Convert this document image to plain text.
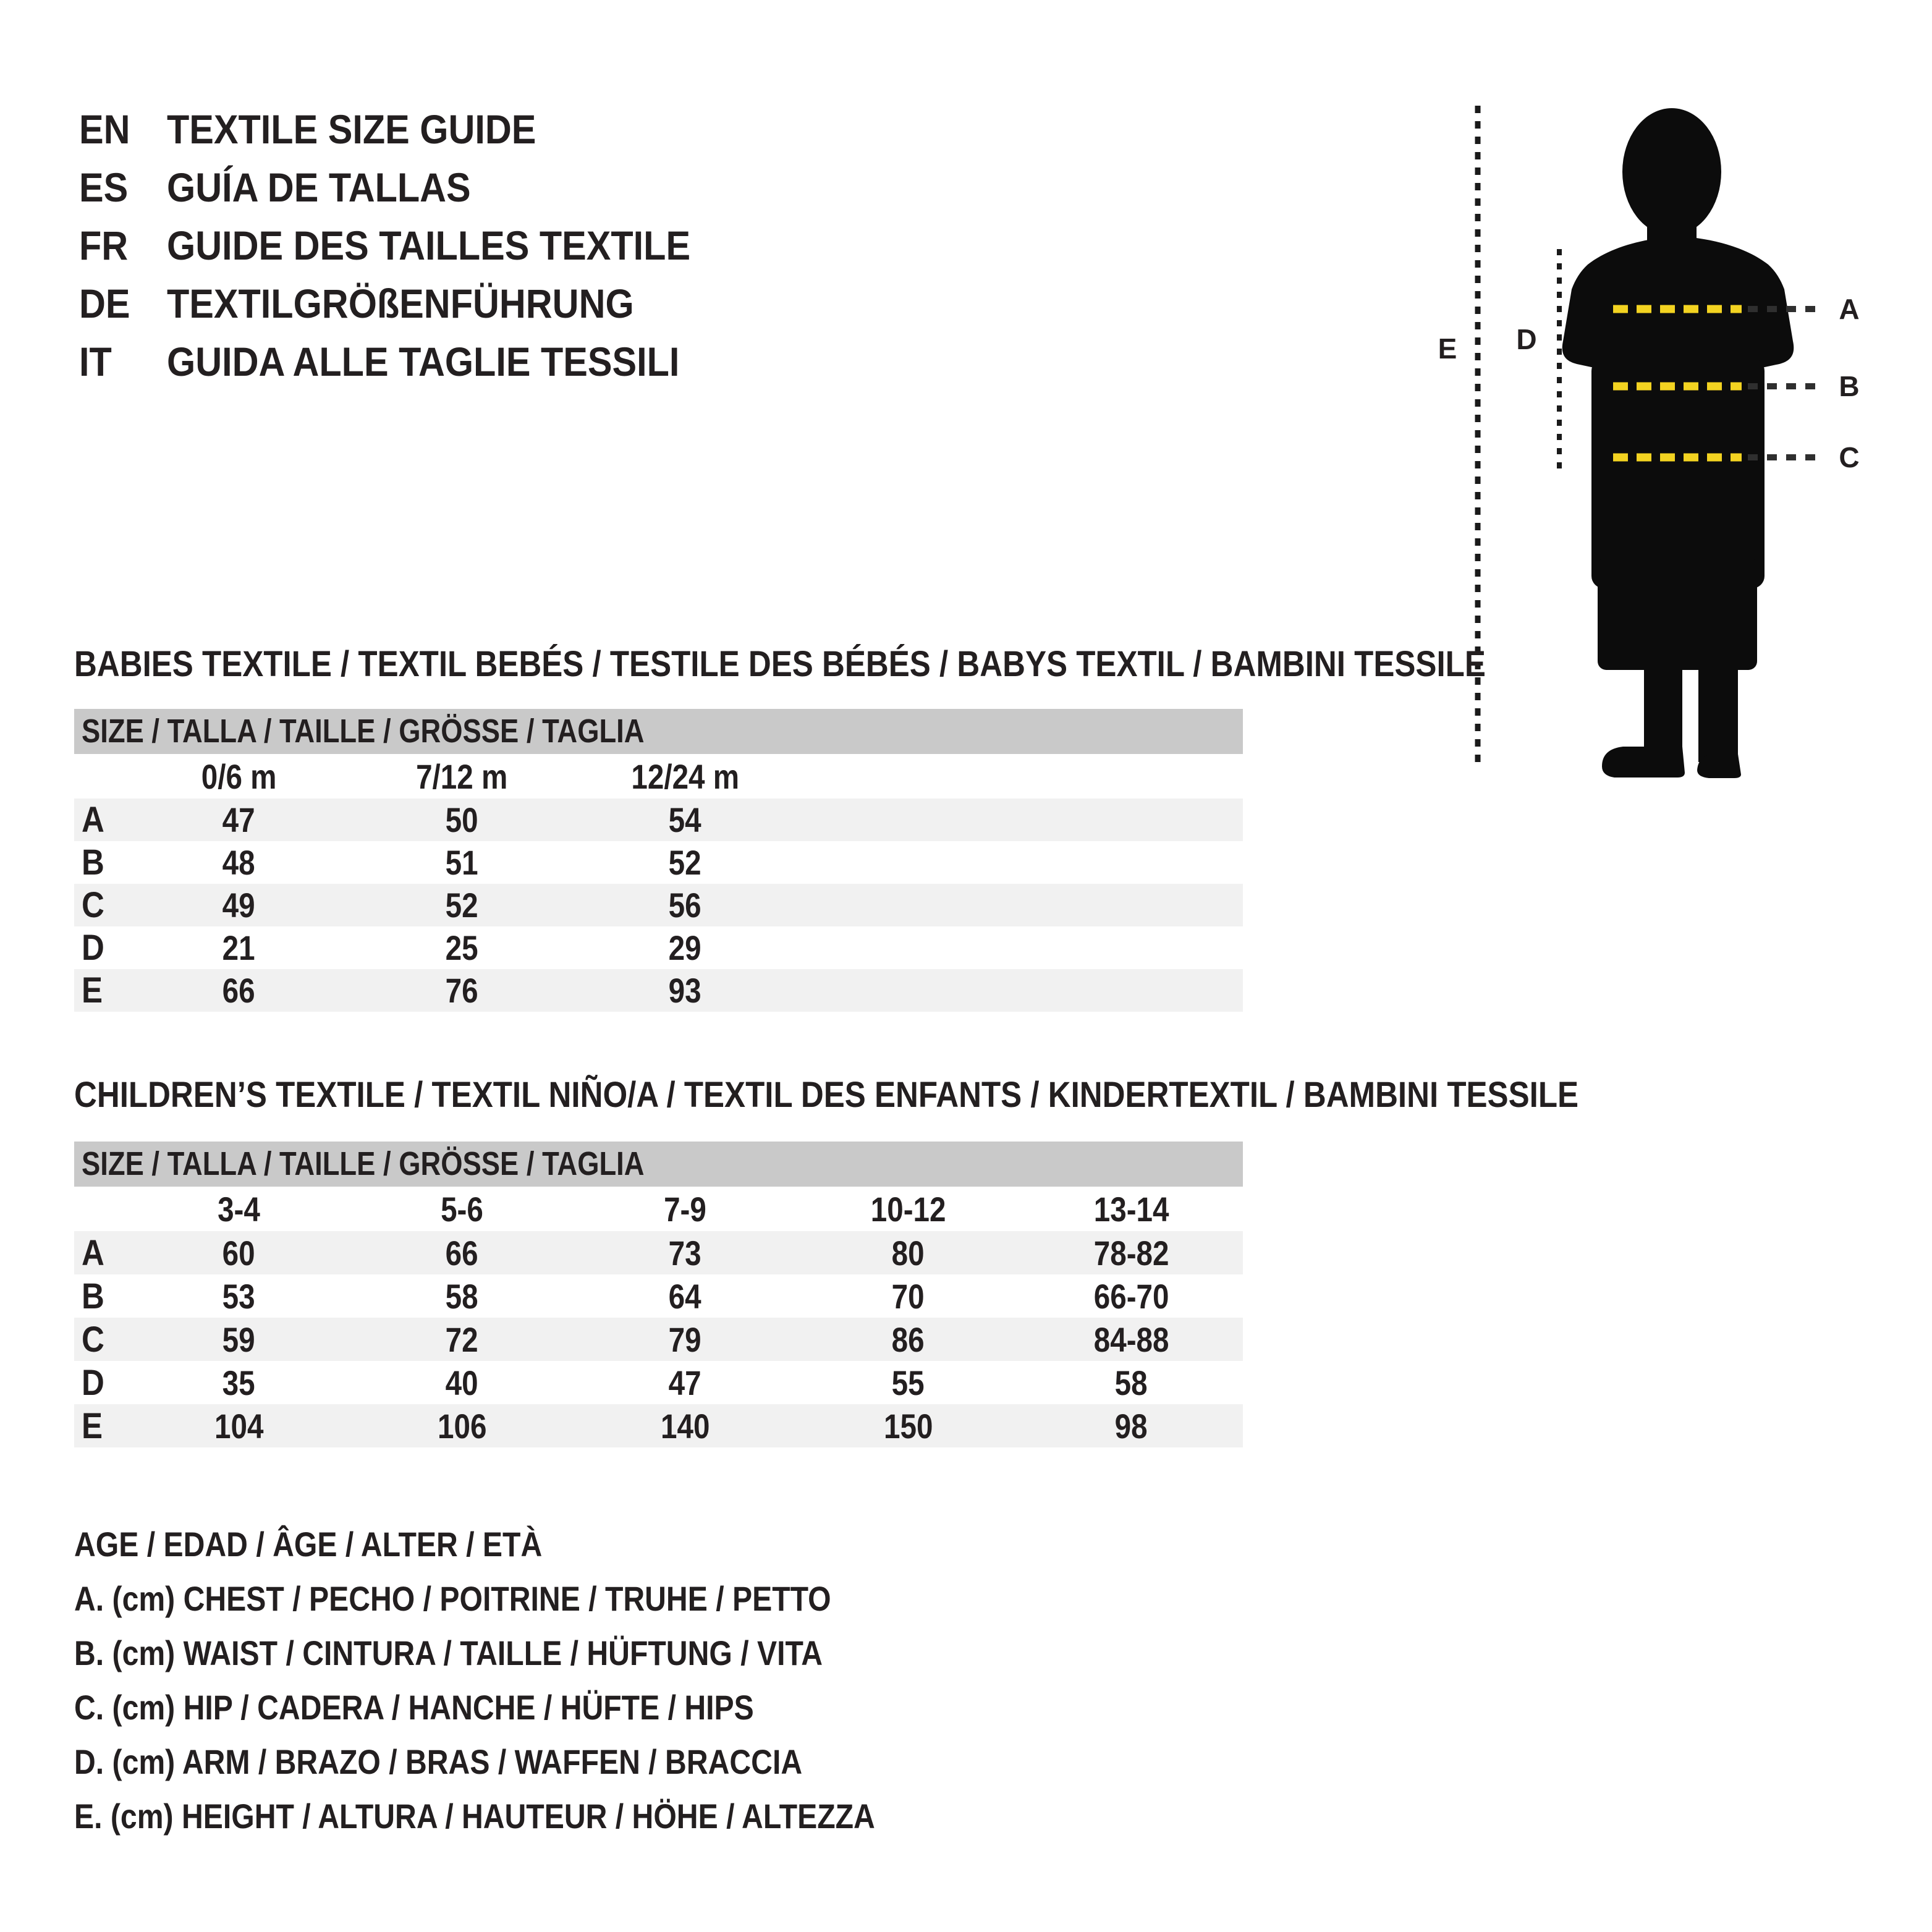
EN TEXTILE SIZE GUIDE
ES GUÍA DE TALLAS
FR GUIDE DES TAILLES TEXTILE
DE TEXTILGRÖßENFÜHRUNG
IT	GUIDA ALLE TAGLIE TESSILI	E D
A
B
C
BABIES TEXTILE / TEXTIL BEBÉS / TESTILE DES BÉBÉS / BABYS TEXTIL / BAMBINI TESSILE
SIZE / TALLA / TAILLE / GRÖSSE / TAGLIA
0/6 m	7/12 m	12/24 m
A	47	50	54
B	48	51	52
C	49	52	56
D	21	25	29
E	66	76	93
CHILDREN’S TEXTILE / TEXTIL NIÑO/A / TEXTIL DES ENFANTS / KINDERTEXTIL / BAMBINI TESSILE
SIZE / TALLA / TAILLE / GRÖSSE / TAGLIA
3-4	5-6	7-9	10-12	13-14
A	60	66	73	80	78-82
B	53	58	64	70	66-70
C	59	72	79	86	84-88
D	35	40	47	55	58
E	104	106	140	150	98
AGE / EDAD / ÂGE / ALTER / ETÀ
A. (cm) CHEST / PECHO / POITRINE / TRUHE / PETTO
B. (cm) WAIST / CINTURA / TAILLE / HÜFTUNG / VITA
C. (cm) HIP / CADERA / HANCHE / HÜFTE / HIPS
D. (cm) ARM / BRAZO / BRAS / WAFFEN / BRACCIA
E. (cm) HEIGHT / ALTURA / HAUTEUR / HÖHE / ALTEZZA
